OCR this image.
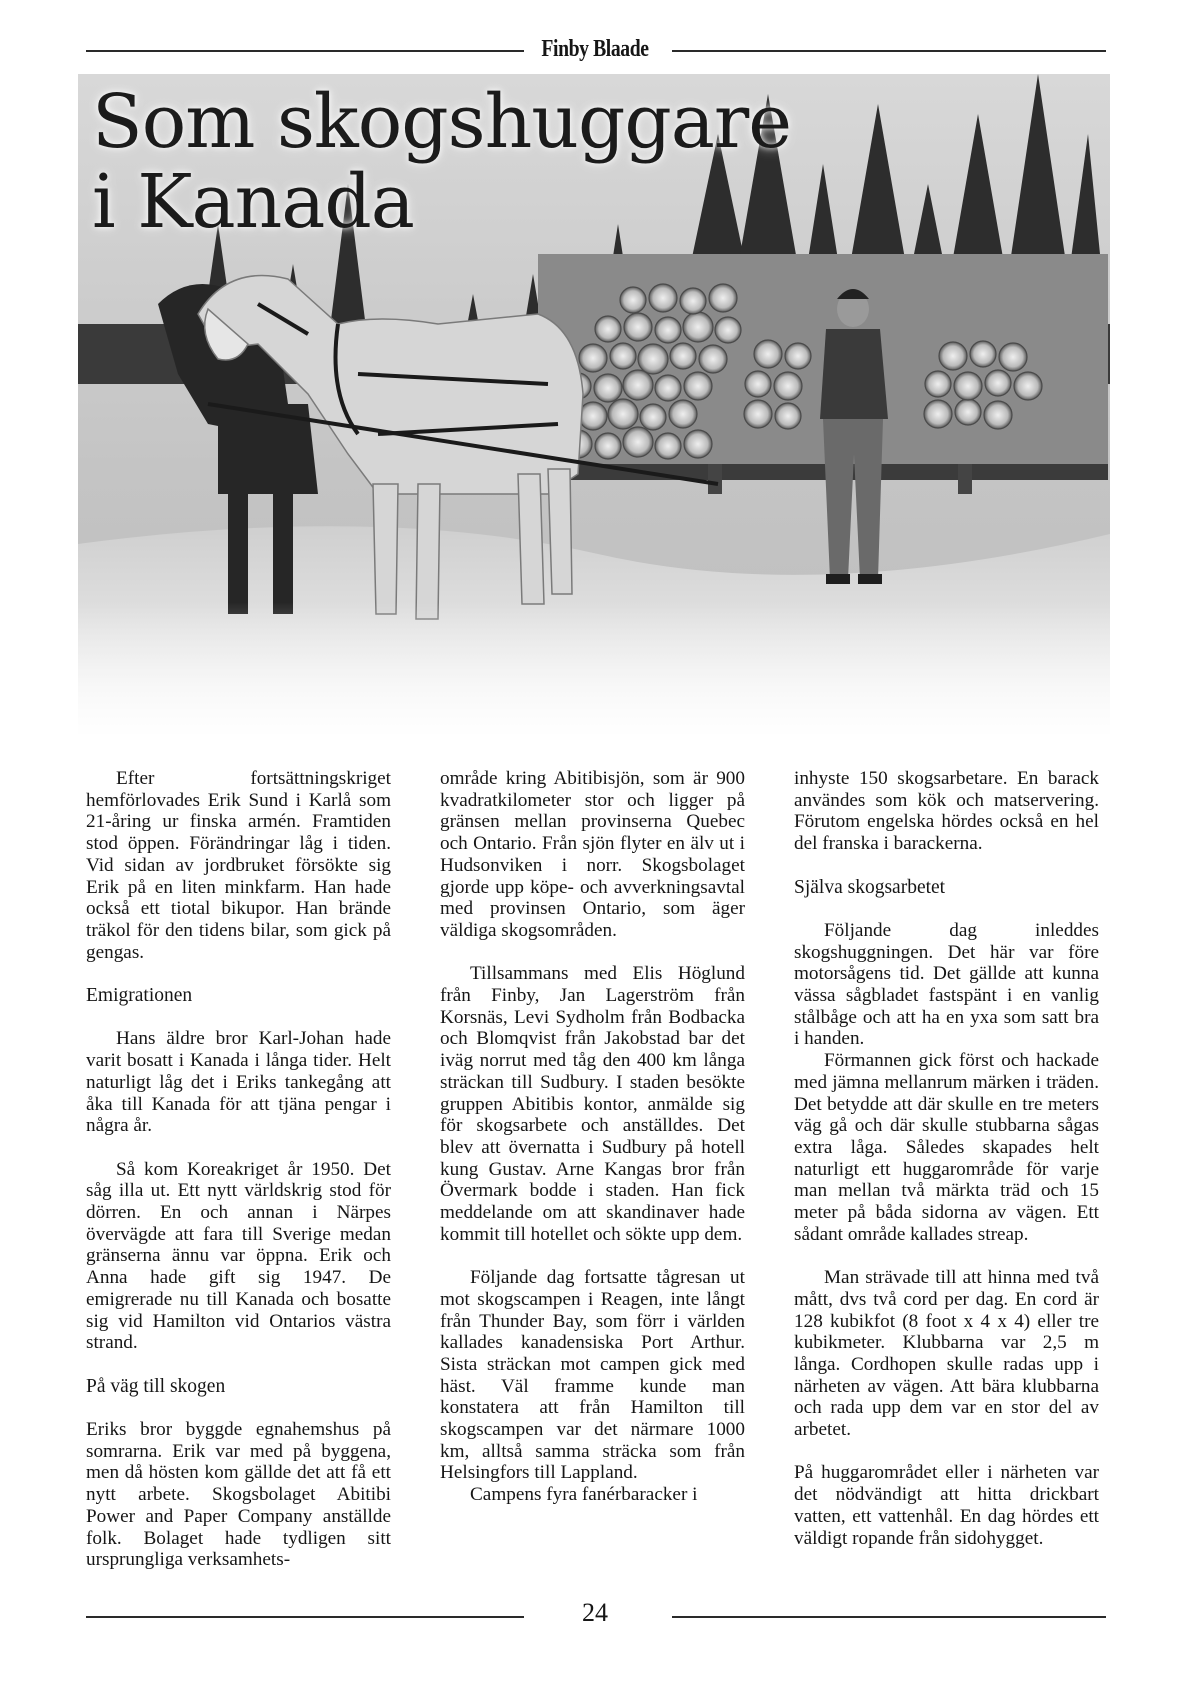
Finby Blaade
Som skogshuggare
i Kanada

Efter fortsättningskriget hemförlovades Erik Sund i Karlå som 21-åring ur finska armén. Framtiden stod öppen. Förändringar låg i tiden. Vid sidan av jordbruket försökte sig Erik på en liten minkfarm. Han hade också ett tiotal bikupor. Han brände träkol för den tidens bilar, som gick på gengas.

Emigrationen

Hans äldre bror Karl-Johan hade varit bosatt i Kanada i långa tider. Helt naturligt låg det i Eriks tankegång att åka till Kanada för att tjäna pengar i några år.

Så kom Koreakriget år 1950. Det såg illa ut. Ett nytt världskrig stod för dörren. En och annan i Närpes övervägde att fara till Sverige medan gränserna ännu var öppna. Erik och Anna hade gift sig 1947. De emigrerade nu till Kanada och bosatte sig vid Hamilton vid Ontarios västra strand.

På väg till skogen

Eriks bror byggde egnahemshus på somrarna. Erik var med på byggena, men då hösten kom gällde det att få ett nytt arbete. Skogsbolaget Abitibi Power and Paper Company anställde folk. Bolaget hade tydligen sitt ursprungliga verksamhets-

område kring Abitibisjön, som är 900 kvadratkilometer stor och ligger på gränsen mellan provinserna Quebec och Ontario. Från sjön flyter en älv ut i Hudsonviken i norr. Skogsbolaget gjorde upp köpe- och avverkningsavtal med provinsen Ontario, som äger väldiga skogsområden.

Tillsammans med Elis Höglund från Finby, Jan Lagerström från Korsnäs, Levi Sydholm från Bodbacka och Blomqvist från Jakobstad bar det iväg norrut med tåg den 400 km långa sträckan till Sudbury. I staden besökte gruppen Abitibis kontor, anmälde sig för skogsarbete och anställdes. Det blev att övernatta i Sudbury på hotell kung Gustav. Arne Kangas bror från Övermark bodde i staden. Han fick meddelande om att skandinaver hade kommit till hotellet och sökte upp dem.

Följande dag fortsatte tågresan ut mot skogscampen i Reagen, inte långt från Thunder Bay, som förr i världen kallades kanadensiska Port Arthur. Sista sträckan mot campen gick med häst. Väl framme kunde man konstatera att från Hamilton till skogscampen var det närmare 1000 km, alltså samma sträcka som från Helsingfors till Lappland.

Campens fyra fanérbaracker i

inhyste 150 skogsarbetare. En barack användes som kök och matservering. Förutom engelska hördes också en hel del franska i barackerna.

Själva skogsarbetet

Följande dag inleddes skogshuggningen. Det här var före motorsågens tid. Det gällde att kunna vässa sågbladet fastspänt i en vanlig stålbåge och att ha en yxa som satt bra i handen.

Förmannen gick först och hackade med jämna mellanrum märken i träden. Det betydde att där skulle en tre meters väg gå och där skulle stubbarna sågas extra låga. Således skapades helt naturligt ett huggarområde för varje man mellan två märkta träd och 15 meter på båda sidorna av vägen. Ett sådant område kallades streap.

Man strävade till att hinna med två mått, dvs två cord per dag. En cord är 128 kubikfot (8 foot x 4 x 4) eller tre kubikmeter. Klubbarna var 2,5 m långa. Cordhopen skulle radas upp i närheten av vägen. Att bära klubbarna och rada upp dem var en stor del av arbetet.

På huggarområdet eller i närheten var det nödvändigt att hitta drickbart vatten, ett vattenhål. En dag hördes ett väldigt ropande från sidohygget.

24
